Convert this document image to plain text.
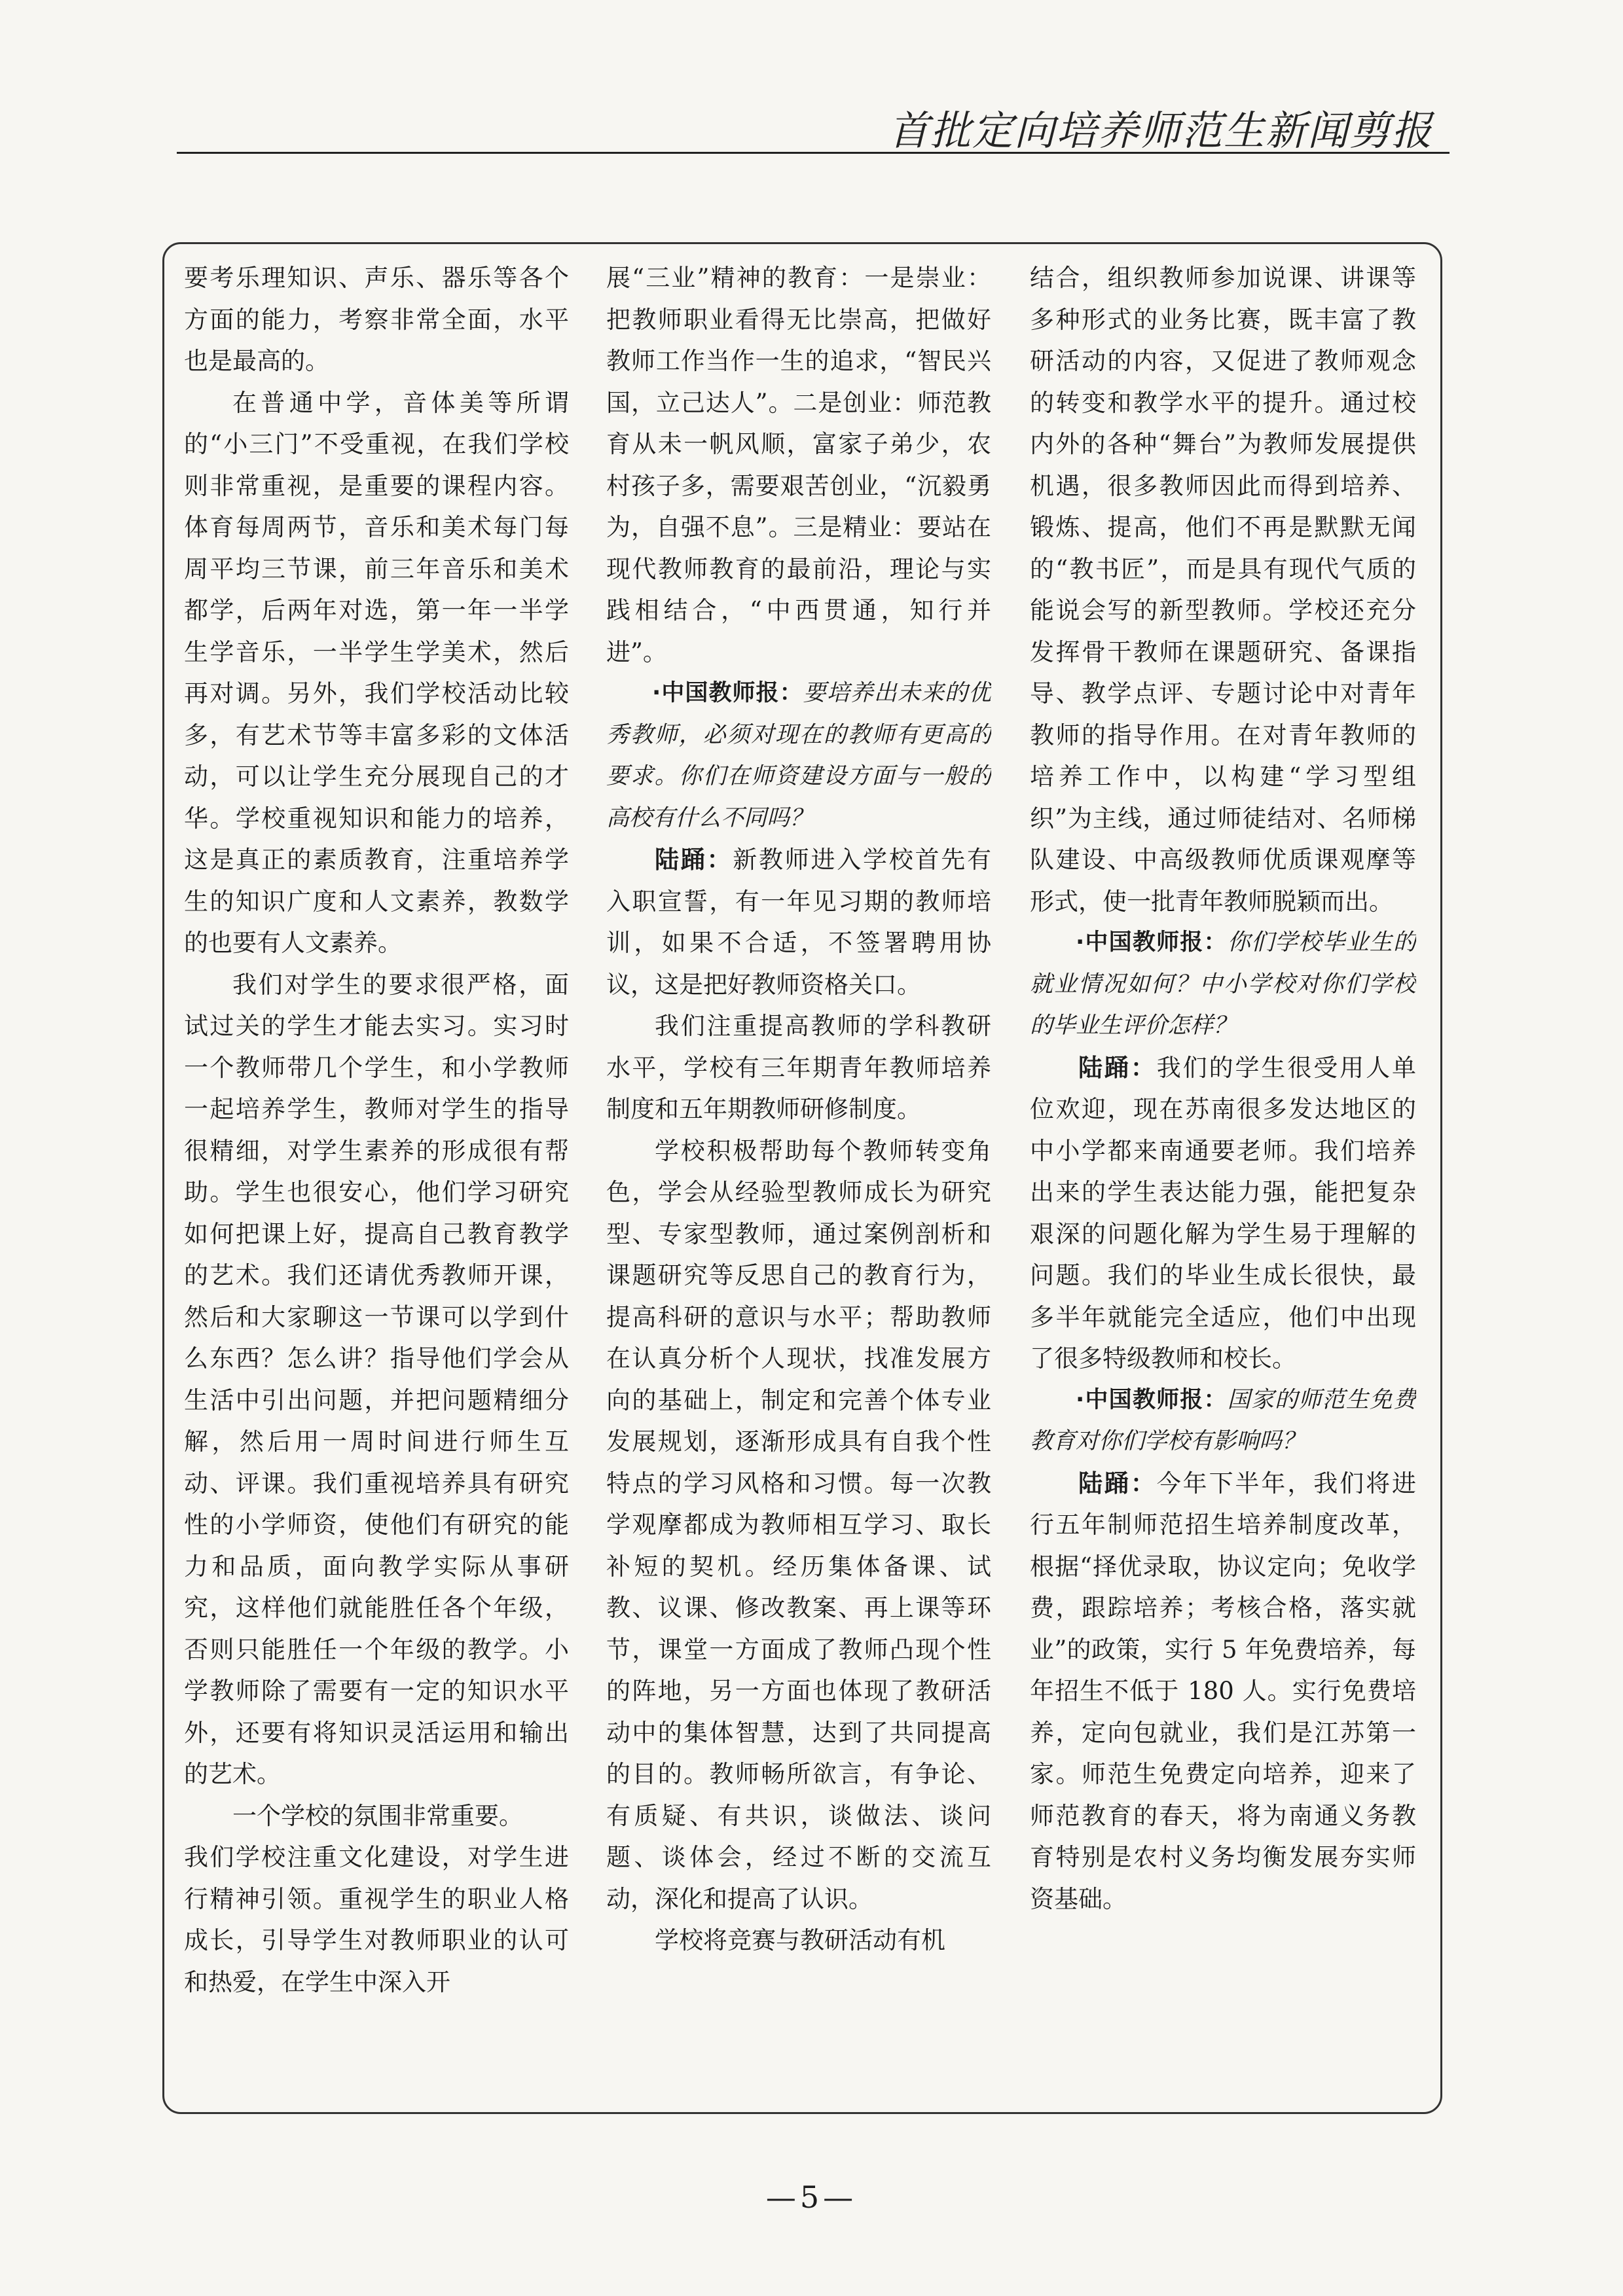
首批定向培养师范生新闻剪报

要考乐理知识、声乐、器乐等各个方面的能力，考察非常全面，水平也是最高的。

在普通中学，音体美等所谓的“小三门”不受重视，在我们学校则非常重视，是重要的课程内容。体育每周两节，音乐和美术每门每周平均三节课，前三年音乐和美术都学，后两年对选，第一年一半学生学音乐，一半学生学美术，然后再对调。另外，我们学校活动比较多，有艺术节等丰富多彩的文体活动，可以让学生充分展现自己的才华。学校重视知识和能力的培养，这是真正的素质教育，注重培养学生的知识广度和人文素养，教数学的也要有人文素养。

我们对学生的要求很严格，面试过关的学生才能去实习。实习时一个教师带几个学生，和小学教师一起培养学生，教师对学生的指导很精细，对学生素养的形成很有帮助。学生也很安心，他们学习研究如何把课上好，提高自己教育教学的艺术。我们还请优秀教师开课，然后和大家聊这一节课可以学到什么东西？怎么讲？指导他们学会从生活中引出问题，并把问题精细分解，然后用一周时间进行师生互动、评课。我们重视培养具有研究性的小学师资，使他们有研究的能力和品质，面向教学实际从事研究，这样他们就能胜任各个年级，否则只能胜任一个年级的教学。小学教师除了需要有一定的知识水平外，还要有将知识灵活运用和输出的艺术。

一个学校的氛围非常重要。

我们学校注重文化建设，对学生进行精神引领。重视学生的职业人格成长，引导学生对教师职业的认可和热爱，在学生中深入开

展“三业”精神的教育：一是崇业：把教师职业看得无比崇高，把做好教师工作当作一生的追求，“智民兴国，立己达人”。二是创业：师范教育从未一帆风顺，富家子弟少，农村孩子多，需要艰苦创业，“沉毅勇为，自强不息”。三是精业：要站在现代教师教育的最前沿，理论与实践相结合，“中西贯通，知行并进”。

·中国教师报：要培养出未来的优秀教师，必须对现在的教师有更高的要求。你们在师资建设方面与一般的高校有什么不同吗？

陆踊：新教师进入学校首先有入职宣誓，有一年见习期的教师培训，如果不合适，不签署聘用协议，这是把好教师资格关口。

我们注重提高教师的学科教研水平，学校有三年期青年教师培养制度和五年期教师研修制度。

学校积极帮助每个教师转变角色，学会从经验型教师成长为研究型、专家型教师，通过案例剖析和课题研究等反思自己的教育行为，提高科研的意识与水平；帮助教师在认真分析个人现状，找准发展方向的基础上，制定和完善个体专业发展规划，逐渐形成具有自我个性特点的学习风格和习惯。每一次教学观摩都成为教师相互学习、取长补短的契机。经历集体备课、试教、议课、修改教案、再上课等环节，课堂一方面成了教师凸现个性的阵地，另一方面也体现了教研活动中的集体智慧，达到了共同提高的目的。教师畅所欲言，有争论、有质疑、有共识，谈做法、谈问题、谈体会，经过不断的交流互动，深化和提高了认识。

学校将竞赛与教研活动有机

结合，组织教师参加说课、讲课等多种形式的业务比赛，既丰富了教研活动的内容，又促进了教师观念的转变和教学水平的提升。通过校内外的各种“舞台”为教师发展提供机遇，很多教师因此而得到培养、锻炼、提高，他们不再是默默无闻的“教书匠”，而是具有现代气质的能说会写的新型教师。学校还充分发挥骨干教师在课题研究、备课指导、教学点评、专题讨论中对青年教师的指导作用。在对青年教师的培养工作中，以构建“学习型组织”为主线，通过师徒结对、名师梯队建设、中高级教师优质课观摩等形式，使一批青年教师脱颖而出。

·中国教师报：你们学校毕业生的就业情况如何？中小学校对你们学校的毕业生评价怎样？

陆踊：我们的学生很受用人单位欢迎，现在苏南很多发达地区的中小学都来南通要老师。我们培养出来的学生表达能力强，能把复杂艰深的问题化解为学生易于理解的问题。我们的毕业生成长很快，最多半年就能完全适应，他们中出现了很多特级教师和校长。

·中国教师报：国家的师范生免费教育对你们学校有影响吗？

陆踊：今年下半年，我们将进行五年制师范招生培养制度改革，根据“择优录取，协议定向；免收学费，跟踪培养；考核合格，落实就业”的政策，实行 5 年免费培养，每年招生不低于 180 人。实行免费培养，定向包就业，我们是江苏第一家。师范生免费定向培养，迎来了师范教育的春天，将为南通义务教育特别是农村义务均衡发展夯实师资基础。

—5—
